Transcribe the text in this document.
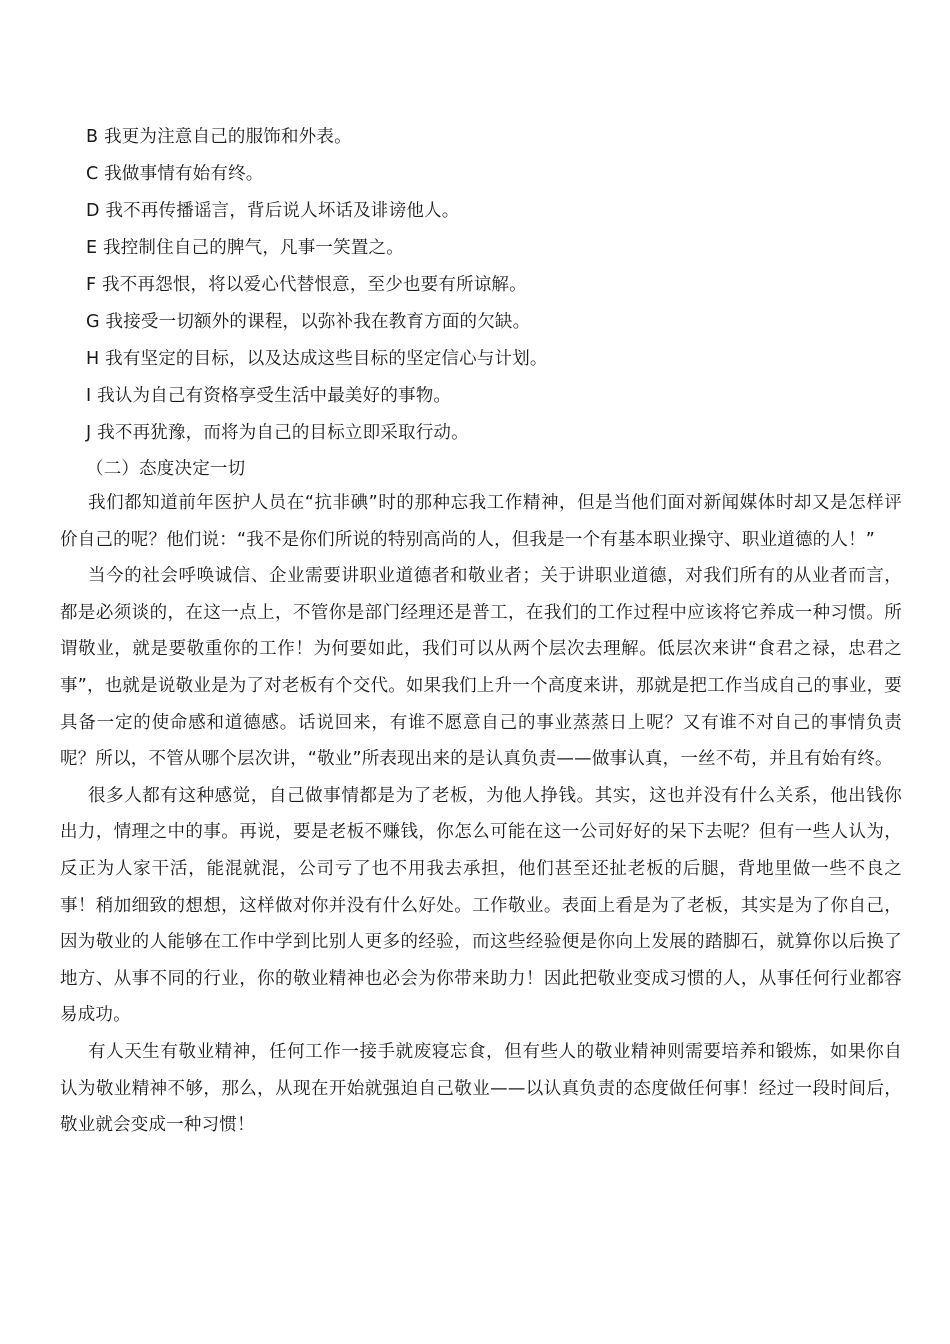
B 我更为注意自己的服饰和外表。
C 我做事情有始有终。
D 我不再传播谣言，背后说人坏话及诽谤他人。
E 我控制住自己的脾气，凡事一笑置之。
F 我不再怨恨，将以爱心代替恨意，至少也要有所谅解。
G 我接受一切额外的课程，以弥补我在教育方面的欠缺。
H 我有坚定的目标，以及达成这些目标的坚定信心与计划。
I 我认为自己有资格享受生活中最美好的事物。
J 我不再犹豫，而将为自己的目标立即采取行动。
（二）态度决定一切

我们都知道前年医护人员在“抗非碘”时的那种忘我工作精神，但是当他们面对新闻媒体时却又是怎样评价自己的呢？他们说：“我不是你们所说的特别高尚的人，但我是一个有基本职业操守、职业道德的人！”

当今的社会呼唤诚信、企业需要讲职业道德者和敬业者；关于讲职业道德，对我们所有的从业者而言，都是必须谈的，在这一点上，不管你是部门经理还是普工，在我们的工作过程中应该将它养成一种习惯。所谓敬业，就是要敬重你的工作！为何要如此，我们可以从两个层次去理解。低层次来讲“食君之禄，忠君之事”，也就是说敬业是为了对老板有个交代。如果我们上升一个高度来讲，那就是把工作当成自己的事业，要具备一定的使命感和道德感。话说回来，有谁不愿意自己的事业蒸蒸日上呢？又有谁不对自己的事情负责呢？所以，不管从哪个层次讲，“敬业”所表现出来的是认真负责——做事认真，一丝不苟，并且有始有终。

很多人都有这种感觉，自己做事情都是为了老板，为他人挣钱。其实，这也并没有什么关系，他出钱你出力，情理之中的事。再说，要是老板不赚钱，你怎么可能在这一公司好好的呆下去呢？但有一些人认为，反正为人家干活，能混就混，公司亏了也不用我去承担，他们甚至还扯老板的后腿，背地里做一些不良之事！稍加细致的想想，这样做对你并没有什么好处。工作敬业。表面上看是为了老板，其实是为了你自己，因为敬业的人能够在工作中学到比别人更多的经验，而这些经验便是你向上发展的踏脚石，就算你以后换了地方、从事不同的行业，你的敬业精神也必会为你带来助力！因此把敬业变成习惯的人，从事任何行业都容易成功。

有人天生有敬业精神，任何工作一接手就废寝忘食，但有些人的敬业精神则需要培养和锻炼，如果你自认为敬业精神不够，那么，从现在开始就强迫自己敬业——以认真负责的态度做任何事！经过一段时间后，敬业就会变成一种习惯！
